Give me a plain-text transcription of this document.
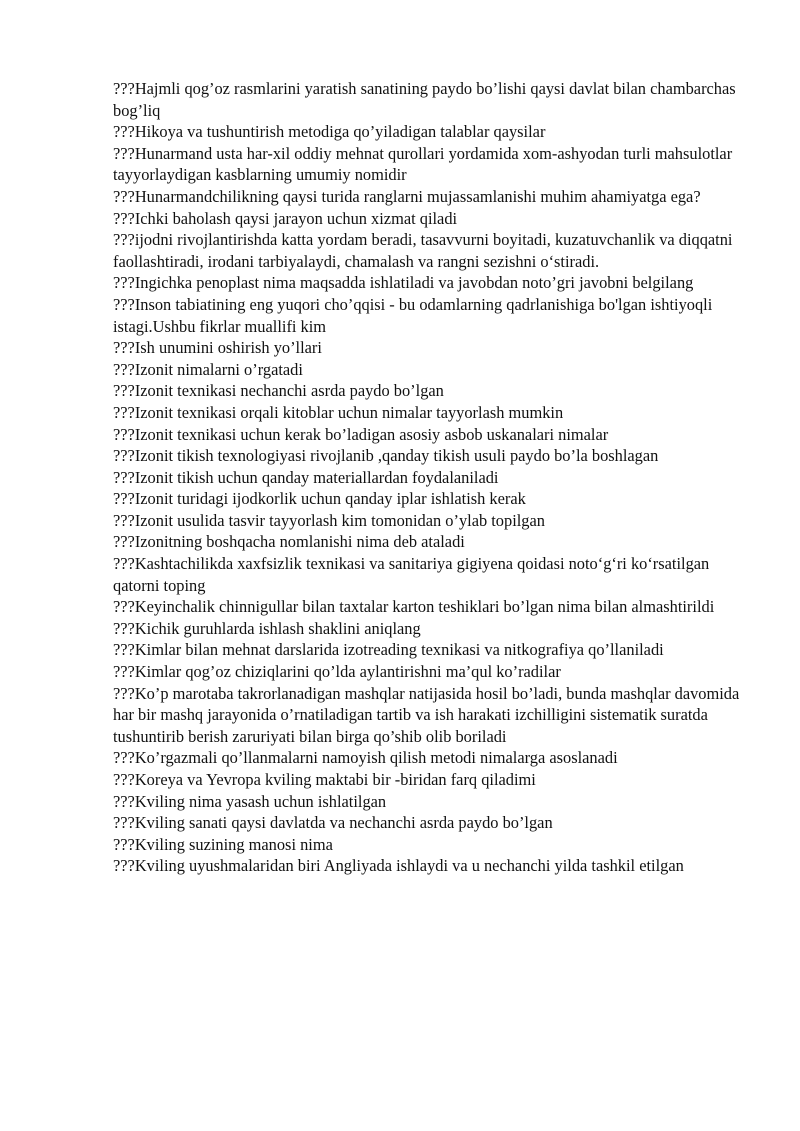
???Hajmli qog’oz rasmlarini yaratish sanatining paydo bo’lishi qaysi davlat bilan chambarchas bog’liq

???Hikoya va tushuntirish metodiga qo’yiladigan talablar qaysilar

???Hunarmand usta har-xil oddiy mehnat qurollari yordamida xom-ashyodan turli mahsulotlar tayyorlaydigan kasblarning umumiy nomidir

???Hunarmandchilikning qaysi turida ranglarni mujassamlanishi muhim ahamiyatga ega?

???Ichki baholash qaysi jarayon uchun xizmat qiladi

???ijodni rivojlantirishda katta yordam beradi, tasavvurni boyitadi, kuzatuvchanlik va diqqatni faollashtiradi, irodani tarbiyalaydi, chamalash va rangni sezishni o‘stiradi.

???Ingichka penoplast nima maqsadda ishlatiladi va javobdan noto’gri javobni belgilang

???Inson tabiatining eng yuqori cho’qqisi - bu odamlarning qadrlanishiga bo'lgan ishtiyoqli istagi.Ushbu fikrlar muallifi kim

???Ish unumini oshirish yo’llari

???Izonit nimalarni o’rgatadi

???Izonit texnikasi nechanchi asrda paydo bo’lgan

???Izonit texnikasi orqali kitoblar uchun nimalar tayyorlash mumkin

???Izonit texnikasi uchun kerak bo’ladigan asosiy asbob uskanalari nimalar

???Izonit tikish texnologiyasi rivojlanib ,qanday tikish usuli paydo bo’la boshlagan

???Izonit tikish uchun qanday materiallardan foydalaniladi

???Izonit turidagi ijodkorlik uchun qanday iplar ishlatish kerak

???Izonit usulida tasvir tayyorlash kim tomonidan o’ylab topilgan

???Izonitning boshqacha nomlanishi nima deb ataladi

???Kashtachilikda xaxfsizlik texnikasi va sanitariya gigiyena qoidasi noto‘g‘ri ko‘rsatilgan qatorni toping

???Keyinchalik chinnigullar bilan taxtalar karton teshiklari bo’lgan nima bilan almashtirildi

???Kichik guruhlarda ishlash shaklini aniqlang

???Kimlar bilan mehnat darslarida izotreading texnikasi va nitkografiya qo’llaniladi

???Kimlar qog’oz chiziqlarini qo’lda aylantirishni ma’qul ko’radilar

???Ko’p marotaba takrorlanadigan mashqlar natijasida hosil bo’ladi, bunda mashqlar davomida har bir mashq jarayonida o’rnatiladigan tartib va ish harakati izchilligini sistematik suratda tushuntirib berish zaruriyati bilan birga qo’shib olib boriladi

???Ko’rgazmali qo’llanmalarni namoyish qilish metodi nimalarga asoslanadi

???Koreya va Yevropa kviling maktabi bir -biridan farq qiladimi

???Kviling nima yasash uchun ishlatilgan

???Kviling sanati qaysi davlatda va nechanchi asrda paydo bo’lgan

???Kviling suzining manosi nima

???Kviling uyushmalaridan biri Angliyada ishlaydi va u nechanchi yilda tashkil etilgan
